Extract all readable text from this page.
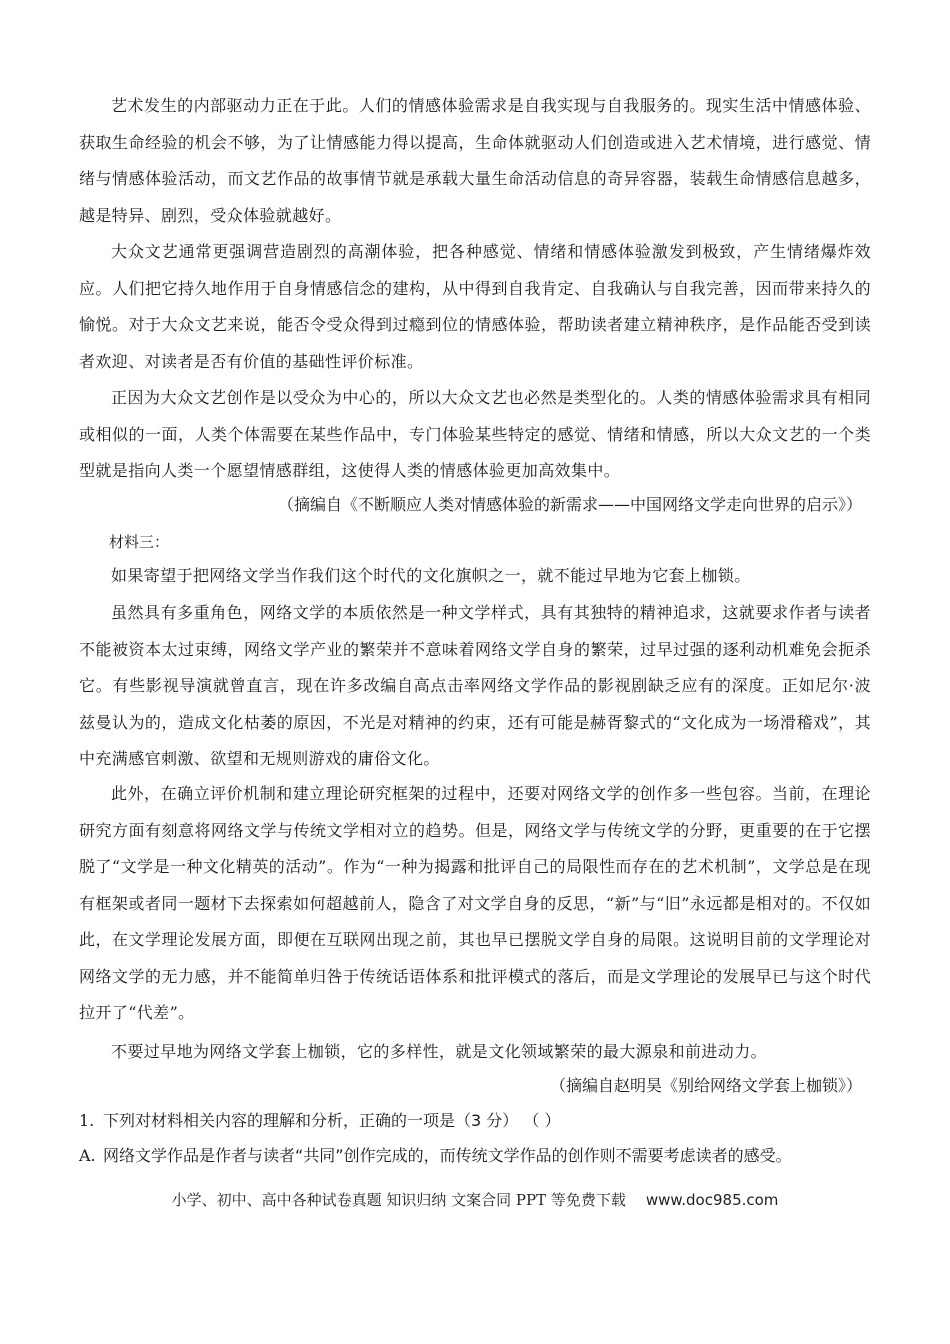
艺术发生的内部驱动力正在于此。人们的情感体验需求是自我实现与自我服务的。现实生活中情感体验、获取生命经验的机会不够，为了让情感能力得以提高，生命体就驱动人们创造或进入艺术情境，进行感觉、情绪与情感体验活动，而文艺作品的故事情节就是承载大量生命活动信息的奇异容器，装载生命情感信息越多，越是特异、剧烈，受众体验就越好。

大众文艺通常更强调营造剧烈的高潮体验，把各种感觉、情绪和情感体验激发到极致，产生情绪爆炸效应。人们把它持久地作用于自身情感信念的建构，从中得到自我肯定、自我确认与自我完善，因而带来持久的愉悦。对于大众文艺来说，能否令受众得到过瘾到位的情感体验，帮助读者建立精神秩序，是作品能否受到读者欢迎、对读者是否有价值的基础性评价标准。

正因为大众文艺创作是以受众为中心的，所以大众文艺也必然是类型化的。人类的情感体验需求具有相同或相似的一面，人类个体需要在某些作品中，专门体验某些特定的感觉、情绪和情感，所以大众文艺的一个类型就是指向人类一个愿望情感群组，这使得人类的情感体验更加高效集中。

（摘编自《不断顺应人类对情感体验的新需求——中国网络文学走向世界的启示》）

材料三：

如果寄望于把网络文学当作我们这个时代的文化旗帜之一，就不能过早地为它套上枷锁。

虽然具有多重角色，网络文学的本质依然是一种文学样式，具有其独特的精神追求，这就要求作者与读者不能被资本太过束缚，网络文学产业的繁荣并不意味着网络文学自身的繁荣，过早过强的逐利动机难免会扼杀它。有些影视导演就曾直言，现在许多改编自高点击率网络文学作品的影视剧缺乏应有的深度。正如尼尔·波兹曼认为的，造成文化枯萎的原因，不光是对精神的约束，还有可能是赫胥黎式的“文化成为一场滑稽戏”，其中充满感官刺激、欲望和无规则游戏的庸俗文化。

此外，在确立评价机制和建立理论研究框架的过程中，还要对网络文学的创作多一些包容。当前，在理论研究方面有刻意将网络文学与传统文学相对立的趋势。但是，网络文学与传统文学的分野，更重要的在于它摆脱了“文学是一种文化精英的活动”。作为“一种为揭露和批评自己的局限性而存在的艺术机制”，文学总是在现有框架或者同一题材下去探索如何超越前人，隐含了对文学自身的反思，“新”与“旧”永远都是相对的。不仅如此，在文学理论发展方面，即便在互联网出现之前，其也早已摆脱文学自身的局限。这说明目前的文学理论对网络文学的无力感，并不能简单归咎于传统话语体系和批评模式的落后，而是文学理论的发展早已与这个时代拉开了“代差”。

不要过早地为网络文学套上枷锁，它的多样性，就是文化领域繁荣的最大源泉和前进动力。

（摘编自赵明昊《别给网络文学套上枷锁》）

1. 下列对材料相关内容的理解和分析，正确的一项是（3 分） （ ）

A. 网络文学作品是作者与读者“共同”创作完成的，而传统文学作品的创作则不需要考虑读者的感受。

小学、初中、高中各种试卷真题 知识归纳 文案合同 PPT 等免费下载 www.doc985.com
